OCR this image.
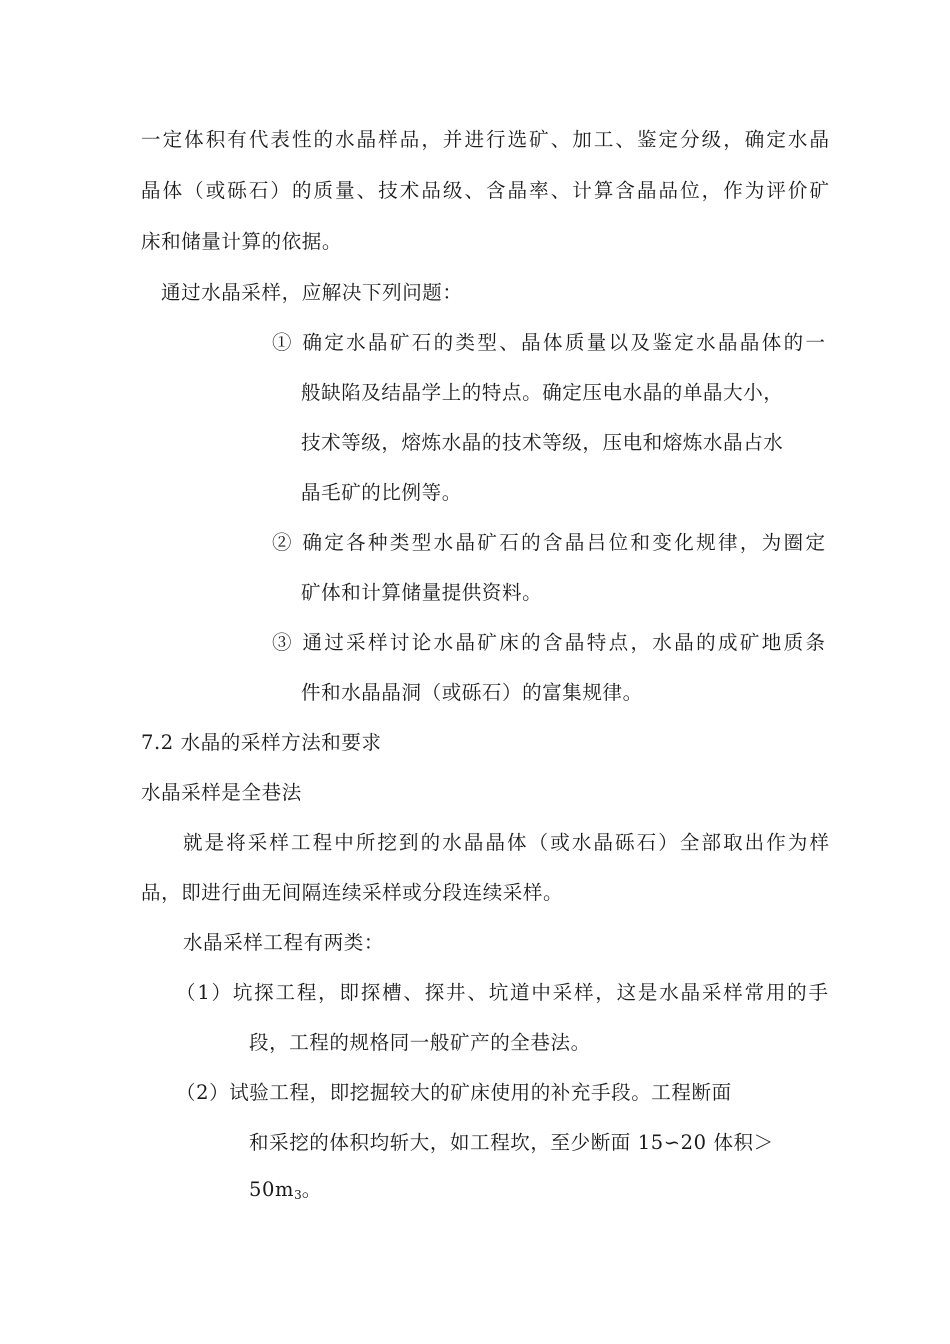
一定体积有代表性的水晶样品，并进行选矿、加工、鉴定分级，确定水晶
晶体（或砾石）的质量、技术品级、含晶率、计算含晶品位，作为评价矿
床和储量计算的依据。
通过水晶采样，应解决下列问题：
① 确定水晶矿石的类型、晶体质量以及鉴定水晶晶体的一
般缺陷及结晶学上的特点。确定压电水晶的单晶大小，
技术等级，熔炼水晶的技术等级，压电和熔炼水晶占水
晶毛矿的比例等。
② 确定各种类型水晶矿石的含晶吕位和变化规律，为圈定
矿体和计算储量提供资料。
③ 通过采样讨论水晶矿床的含晶特点，水晶的成矿地质条
件和水晶晶洞（或砾石）的富集规律。
7.2 水晶的采样方法和要求
水晶采样是全巷法
就是将采样工程中所挖到的水晶晶体（或水晶砾石）全部取出作为样
品，即进行曲无间隔连续采样或分段连续采样。
水晶采样工程有两类：
（1）坑探工程，即探槽、探井、坑道中采样，这是水晶采样常用的手
段，工程的规格同一般矿产的全巷法。
（2）试验工程，即挖掘较大的矿床使用的补充手段。工程断面
和采挖的体积均斩大，如工程坎，至少断面 15∽20 体积＞
$50m_3$。
